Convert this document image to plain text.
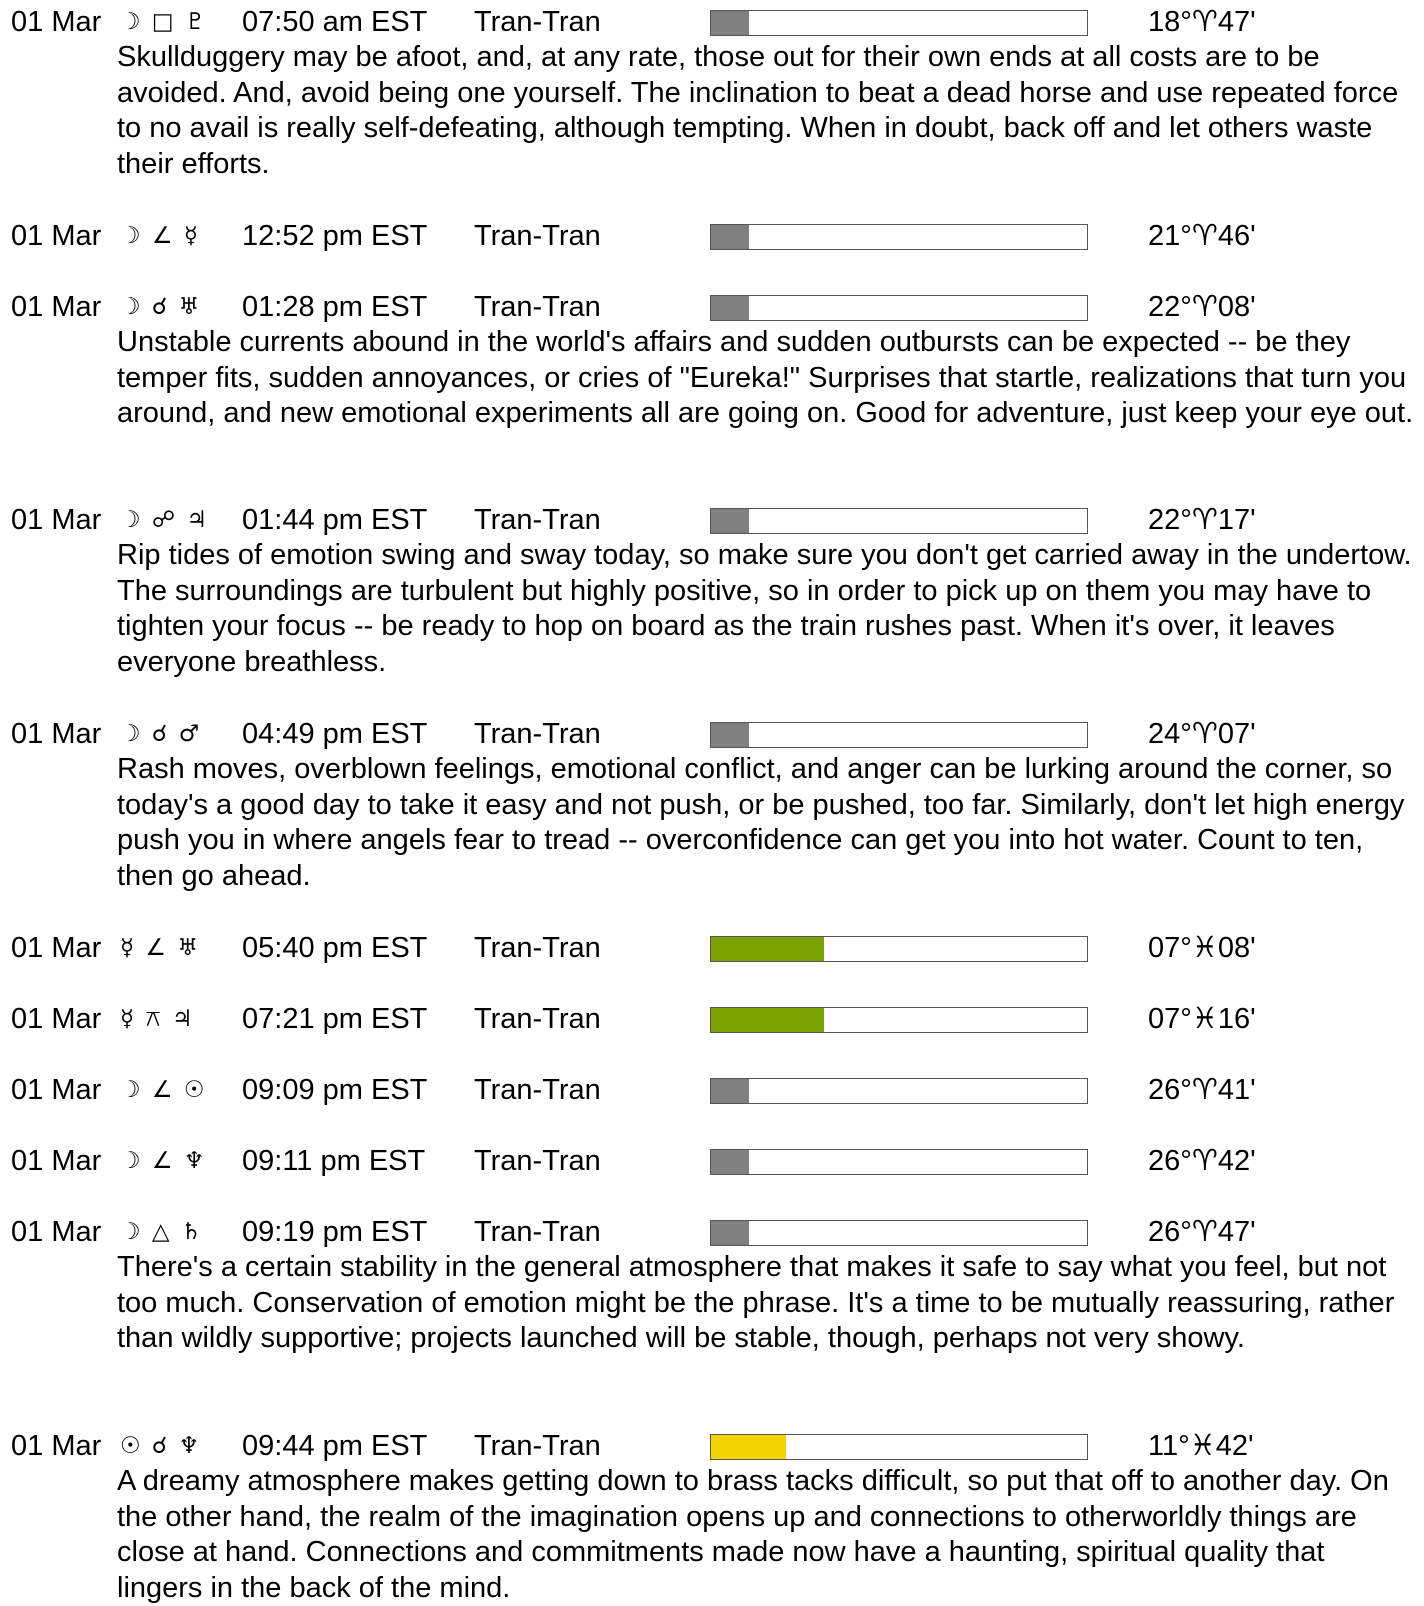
01 Mar ☽ □ ♇ 07:50 am EST Tran-Tran	18°♈47'
Skullduggery may be afoot, and, at any rate, those out for their own ends at all costs are to be avoided. And, avoid being one yourself. The inclination to beat a dead horse and use repeated force to no avail is really self-defeating, although tempting. When in doubt, back off and let others waste their efforts.
01 Mar ☽ ∠ ☿ 12:52 pm EST Tran-Tran	21°♈46'
01 Mar ☽ ☌ ♅ 01:28 pm EST Tran-Tran	22°♈08'
Unstable currents abound in the world's affairs and sudden outbursts can be expected -- be they temper fits, sudden annoyances, or cries of "Eureka!" Surprises that startle, realizations that turn you around, and new emotional experiments all are going on. Good for adventure, just keep your eye out.
01 Mar ☽ ☍ ♃ 01:44 pm EST Tran-Tran	22°♈17'
Rip tides of emotion swing and sway today, so make sure you don't get carried away in the undertow. The surroundings are turbulent but highly positive, so in order to pick up on them you may have to tighten your focus -- be ready to hop on board as the train rushes past. When it's over, it leaves everyone breathless.
01 Mar ☽ ☌ ♂ 04:49 pm EST Tran-Tran	24°♈07'
Rash moves, overblown feelings, emotional conflict, and anger can be lurking around the corner, so today's a good day to take it easy and not push, or be pushed, too far. Similarly, don't let high energy push you in where angels fear to tread -- overconfidence can get you into hot water. Count to ten, then go ahead.
01 Mar ☿ ∠ ♅ 05:40 pm EST Tran-Tran	07°♓08'
01 Mar ☿ ⚻ ♃ 07:21 pm EST Tran-Tran	07°♓16'
01 Mar ☽ ∠ ☉ 09:09 pm EST Tran-Tran	26°♈41'
01 Mar ☽ ∠ ♆ 09:11 pm EST Tran-Tran	26°♈42'
01 Mar ☽ △ ♄ 09:19 pm EST Tran-Tran	26°♈47'
There's a certain stability in the general atmosphere that makes it safe to say what you feel, but not too much. Conservation of emotion might be the phrase. It's a time to be mutually reassuring, rather than wildly supportive; projects launched will be stable, though, perhaps not very showy.
01 Mar ☉ ☌ ♆ 09:44 pm EST Tran-Tran	11°♓42'
A dreamy atmosphere makes getting down to brass tacks difficult, so put that off to another day. On the other hand, the realm of the imagination opens up and connections to otherworldly things are close at hand. Connections and commitments made now have a haunting, spiritual quality that lingers in the back of the mind.
